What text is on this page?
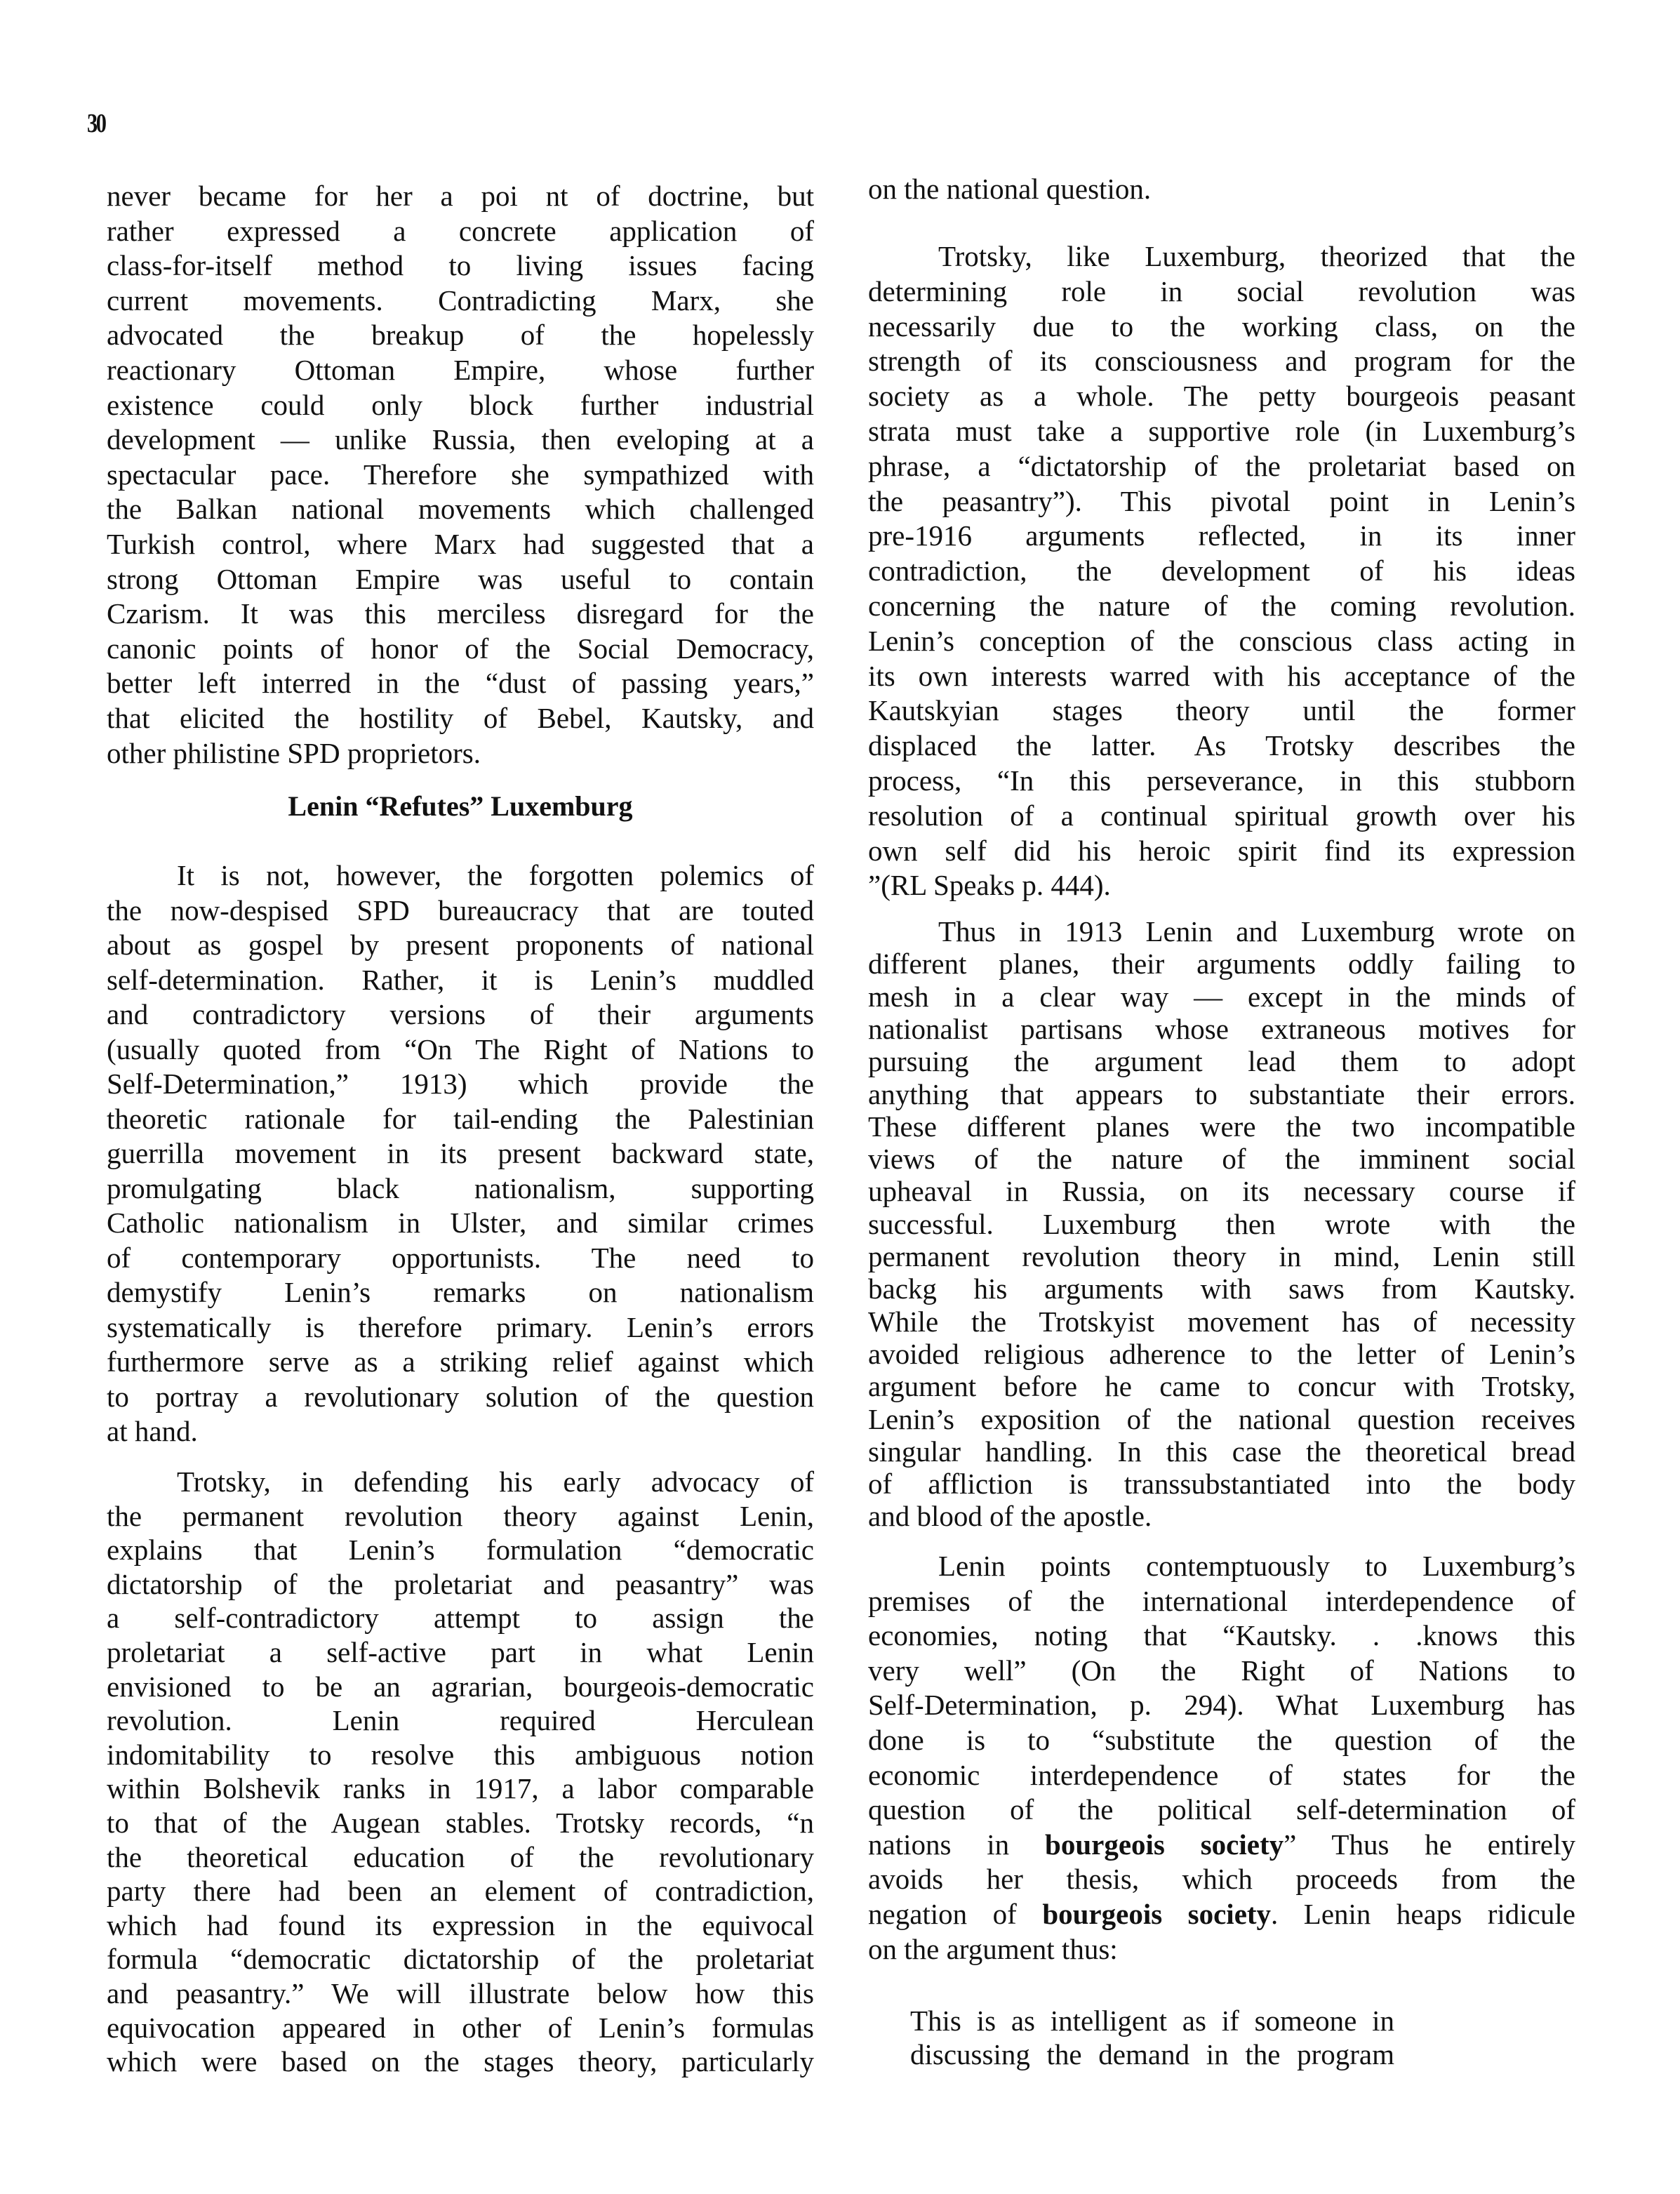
30
Lenin “Refutes” Luxemburg
never became for her a poi nt of doctrine, but
rather expressed a concrete application of
class-for-itself method to living issues facing
current movements. Contradicting Marx, she
advocated the breakup of the hopelessly
reactionary Ottoman Empire, whose further
existence could only block further industrial
development — unlike Russia, then eveloping at a
spectacular pace. Therefore she sympathized with
the Balkan national movements which challenged
Turkish control, where Marx had suggested that a
strong Ottoman Empire was useful to contain
Czarism. It was this merciless disregard for the
canonic points of honor of the Social Democracy,
better left interred in the “dust of passing years,”
that elicited the hostility of Bebel, Kautsky, and
other philistine SPD proprietors.
It is not, however, the forgotten polemics of
the now-despised SPD bureaucracy that are touted
about as gospel by present proponents of national
self-determination. Rather, it is Lenin’s muddled
and contradictory versions of their arguments
(usually quoted from “On The Right of Nations to
Self-Determination,” 1913) which provide the
theoretic rationale for tail-ending the Palestinian
guerrilla movement in its present backward state,
promulgating black nationalism, supporting
Catholic nationalism in Ulster, and similar crimes
of contemporary opportunists. The need to
demystify Lenin’s remarks on nationalism
systematically is therefore primary. Lenin’s errors
furthermore serve as a striking relief against which
to portray a revolutionary solution of the question
at hand.
Trotsky, in defending his early advocacy of
the permanent revolution theory against Lenin,
explains that Lenin’s formulation “democratic
dictatorship of the proletariat and peasantry” was
a self-contradictory attempt to assign the
proletariat a self-active part in what Lenin
envisioned to be an agrarian, bourgeois-democratic
revolution. Lenin required Herculean
indomitability to resolve this ambiguous notion
within Bolshevik ranks in 1917, a labor comparable
to that of the Augean stables. Trotsky records, “n
the theoretical education of the revolutionary
party there had been an element of contradiction,
which had found its expression in the equivocal
formula “democratic dictatorship of the proletariat
and peasantry.” We will illustrate below how this
equivocation appeared in other of Lenin’s formulas
which were based on the stages theory, particularly
on the national question.
Trotsky, like Luxemburg, theorized that the
determining role in social revolution was
necessarily due to the working class, on the
strength of its consciousness and program for the
society as a whole. The petty bourgeois peasant
strata must take a supportive role (in Luxemburg’s
phrase, a “dictatorship of the proletariat based on
the peasantry”). This pivotal point in Lenin’s
pre-1916 arguments reflected, in its inner
contradiction, the development of his ideas
concerning the nature of the coming revolution.
Lenin’s conception of the conscious class acting in
its own interests warred with his acceptance of the
Kautskyian stages theory until the former
displaced the latter. As Trotsky describes the
process, “In this perseverance, in this stubborn
resolution of a continual spiritual growth over his
own self did his heroic spirit find its expression
”(RL Speaks p. 444).
Thus in 1913 Lenin and Luxemburg wrote on
different planes, their arguments oddly failing to
mesh in a clear way — except in the minds of
nationalist partisans whose extraneous motives for
pursuing the argument lead them to adopt
anything that appears to substantiate their errors.
These different planes were the two incompatible
views of the nature of the imminent social
upheaval in Russia, on its necessary course if
successful. Luxemburg then wrote with the
permanent revolution theory in mind, Lenin still
backg his arguments with saws from Kautsky.
While the Trotskyist movement has of necessity
avoided religious adherence to the letter of Lenin’s
argument before he came to concur with Trotsky,
Lenin’s exposition of the national question receives
singular handling. In this case the theoretical bread
of affliction is transsubstantiated into the body
and blood of the apostle.
Lenin points contemptuously to Luxemburg’s
premises of the international interdependence of
economies, noting that “Kautsky. . .knows this
very well” (On the Right of Nations to
Self-Determination, p. 294). What Luxemburg has
done is to “substitute the question of the
economic interdependence of states for the
question of the political self-determination of
nations in bourgeois society” Thus he entirely
avoids her thesis, which proceeds from the
negation of bourgeois society. Lenin heaps ridicule
on the argument thus:
This is as intelligent as if someone in
discussing the demand in the program
